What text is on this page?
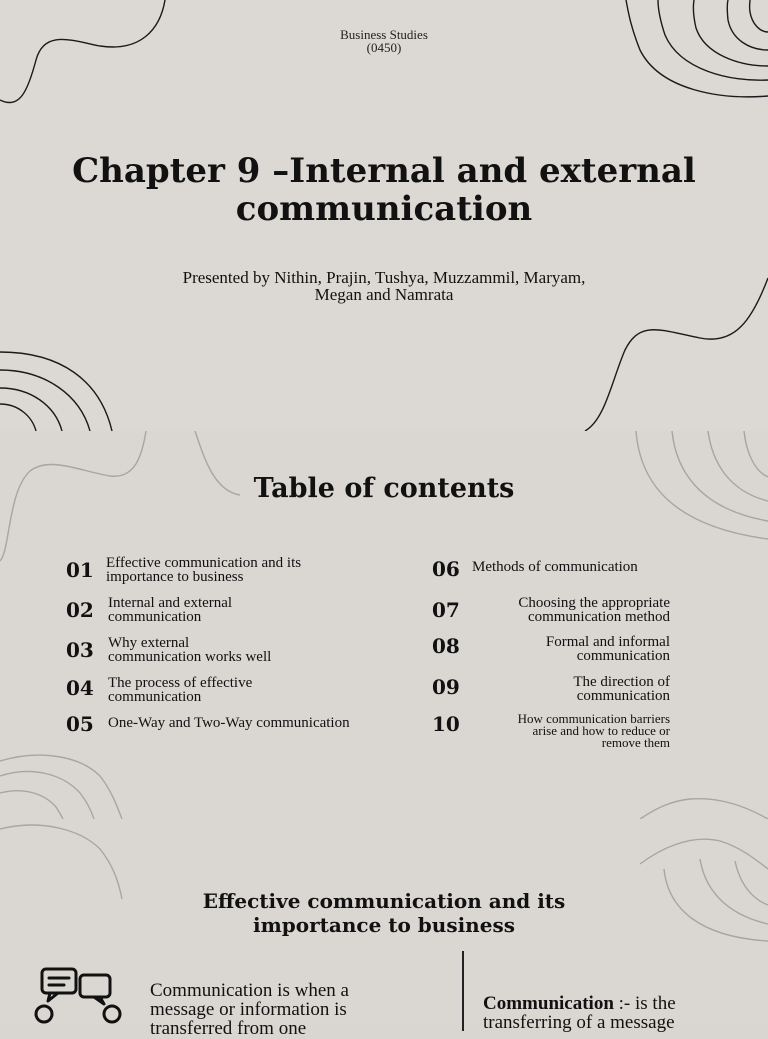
Business Studies
(0450)
Chapter 9 –Internal and external
communication
Presented by Nithin, Prajin, Tushya, Muzzammil, Maryam,
Megan and Namrata
Table of contents
01 Effective communication and its
importance to business
02 Internal and external
communication
03 Why external
communication works well
04 The process of effective
communication
05 One-Way and Two-Way communication
06 Methods of communication
07	Choosing the appropriate
communication method
08	Formal and informal
communication
09	The direction of
communication
10	How communication barriers
arise and how to reduce or
remove them
Effective communication and its
importance to business
Communication is when a
message or information is
transferred from one
Communication :- is the
transferring of a message
